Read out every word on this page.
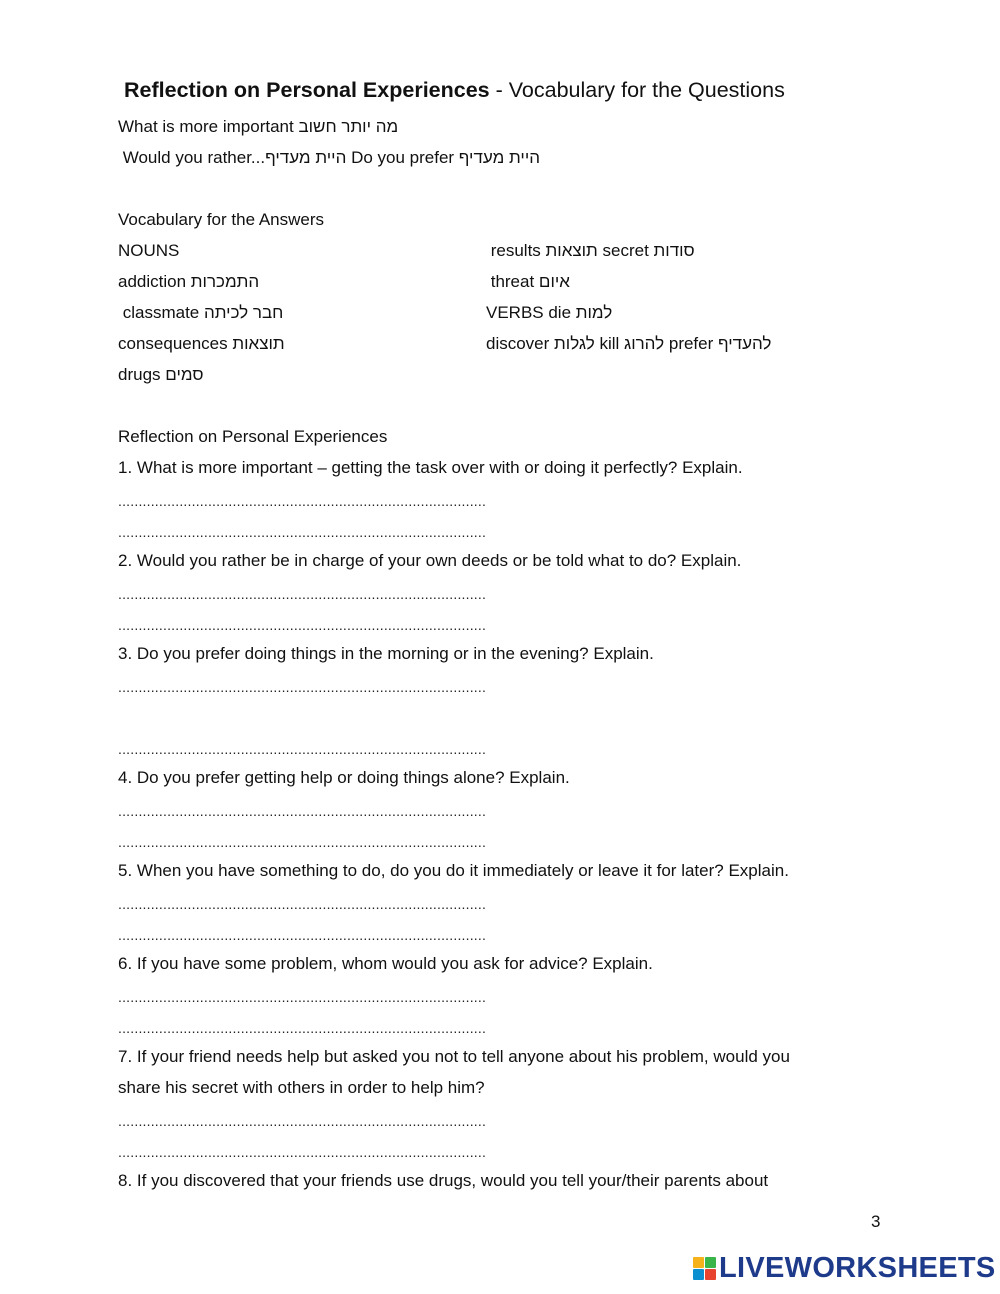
Reflection on Personal Experiences - Vocabulary for the Questions
What is more important מה יותר חשוב
Would you rather...היית מעדיף Do you prefer היית מעדיף
Vocabulary for the Answers
NOUNS
addiction התמכרות
classmate חבר לכיתה
consequences תוצאות
drugs סמים
results תוצאות secret סודות
threat איום
VERBS die למות
discover לגלות kill להרוג prefer להעדיף
Reflection on Personal Experiences
1. What is more important – getting the task over with or doing it perfectly? Explain.
..........................................................................................
..........................................................................................
2. Would you rather be in charge of your own deeds or be told what to do? Explain.
..........................................................................................
..........................................................................................
3. Do you prefer doing things in the morning or in the evening? Explain.
..........................................................................................
..........................................................................................
4. Do you prefer getting help or doing things alone? Explain.
..........................................................................................
..........................................................................................
5. When you have something to do, do you do it immediately or leave it for later? Explain.
..........................................................................................
..........................................................................................
6. If you have some problem, whom would you ask for advice? Explain.
..........................................................................................
..........................................................................................
7. If your friend needs help but asked you not to tell anyone about his problem, would you
share his secret with others in order to help him?
..........................................................................................
..........................................................................................
8. If you discovered that your friends use drugs, would you tell your/their parents about
3
LIVEWORKSHEETS
